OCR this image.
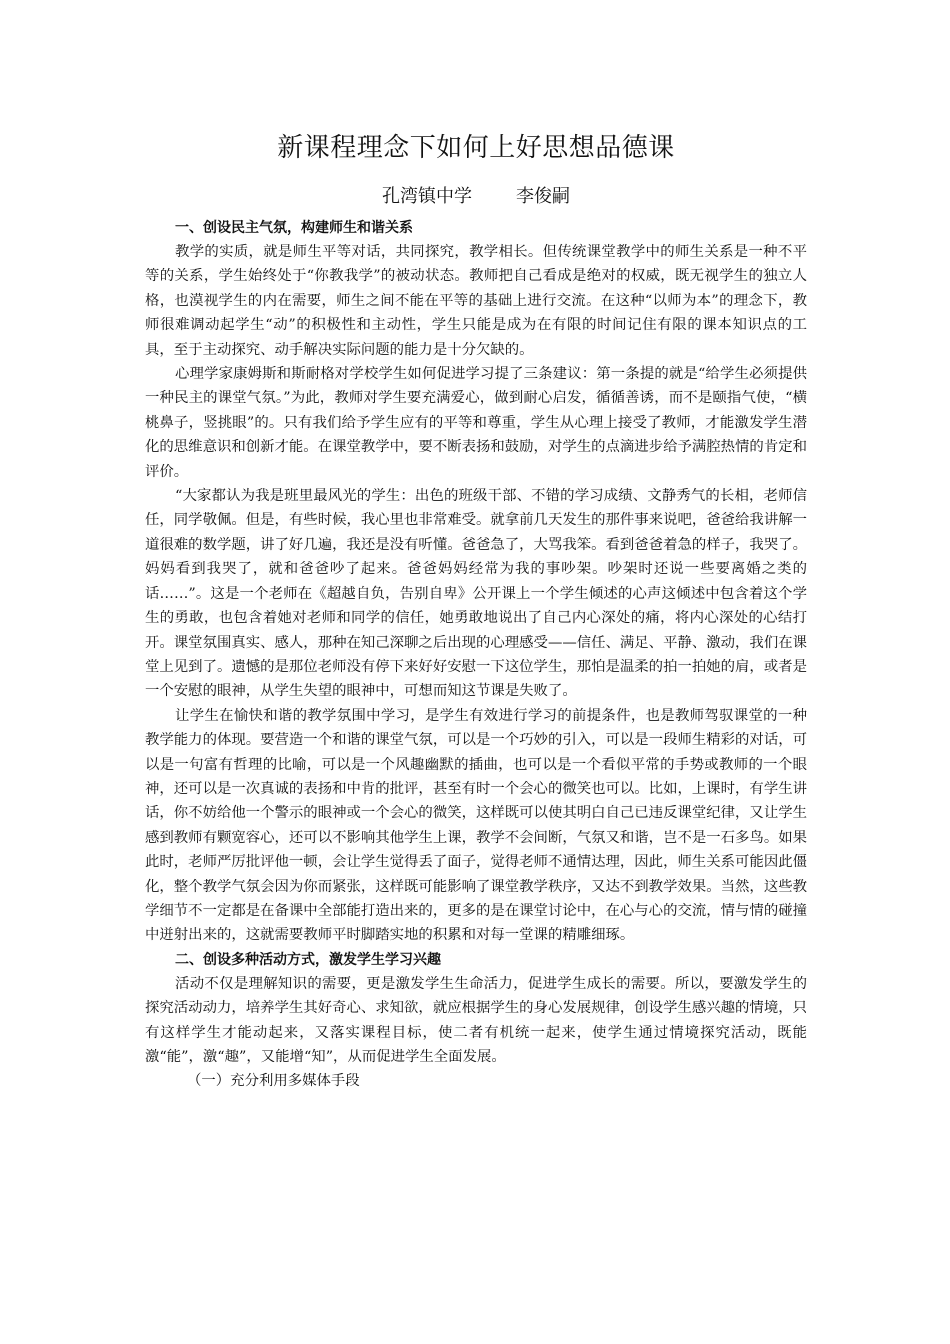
新课程理念下如何上好思想品德课
孔湾镇中学 李俊嗣
一、创设民主气氛，构建师生和谐关系

教学的实质，就是师生平等对话，共同探究，教学相长。但传统课堂教学中的师生关系是一种不平等的关系，学生始终处于“你教我学”的被动状态。教师把自己看成是绝对的权威，既无视学生的独立人格，也漠视学生的内在需要，师生之间不能在平等的基础上进行交流。在这种“以师为本”的理念下，教师很难调动起学生“动”的积极性和主动性，学生只能是成为在有限的时间记住有限的课本知识点的工具，至于主动探究、动手解决实际问题的能力是十分欠缺的。

心理学家康姆斯和斯耐格对学校学生如何促进学习提了三条建议：第一条提的就是“给学生必须提供一种民主的课堂气氛。”为此，教师对学生要充满爱心，做到耐心启发，循循善诱，而不是颐指气使，“横桃鼻子，竖挑眼”的。只有我们给予学生应有的平等和尊重，学生从心理上接受了教师，才能激发学生潜化的思维意识和创新才能。在课堂教学中，要不断表扬和鼓励，对学生的点滴进步给予满腔热情的肯定和评价。

“大家都认为我是班里最风光的学生：出色的班级干部、不错的学习成绩、文静秀气的长相，老师信任，同学敬佩。但是，有些时候，我心里也非常难受。就拿前几天发生的那件事来说吧，爸爸给我讲解一道很难的数学题，讲了好几遍，我还是没有听懂。爸爸急了，大骂我笨。看到爸爸着急的样子，我哭了。妈妈看到我哭了，就和爸爸吵了起来。爸爸妈妈经常为我的事吵架。吵架时还说一些要离婚之类的话……”。这是一个老师在《超越自负，告别自卑》公开课上一个学生倾述的心声这倾述中包含着这个学生的勇敢，也包含着她对老师和同学的信任，她勇敢地说出了自己内心深处的痛，将内心深处的心结打开。课堂氛围真实、感人，那种在知己深聊之后出现的心理感受——信任、满足、平静、激动，我们在课堂上见到了。遗憾的是那位老师没有停下来好好安慰一下这位学生，那怕是温柔的拍一拍她的肩，或者是一个安慰的眼神，从学生失望的眼神中，可想而知这节课是失败了。

让学生在愉快和谐的教学氛围中学习，是学生有效进行学习的前提条件，也是教师驾驭课堂的一种教学能力的体现。要营造一个和谐的课堂气氛，可以是一个巧妙的引入，可以是一段师生精彩的对话，可以是一句富有哲理的比喻，可以是一个风趣幽默的插曲，也可以是一个看似平常的手势或教师的一个眼神，还可以是一次真诚的表扬和中肯的批评，甚至有时一个会心的微笑也可以。比如，上课时，有学生讲话，你不妨给他一个警示的眼神或一个会心的微笑，这样既可以使其明白自己已违反课堂纪律，又让学生感到教师有颗宽容心，还可以不影响其他学生上课，教学不会间断，气氛又和谐，岂不是一石多鸟。如果此时，老师严厉批评他一顿，会让学生觉得丢了面子，觉得老师不通情达理，因此，师生关系可能因此僵化，整个教学气氛会因为你而紧张，这样既可能影响了课堂教学秩序，又达不到教学效果。当然，这些教学细节不一定都是在备课中全部能打造出来的，更多的是在课堂讨论中，在心与心的交流，情与情的碰撞中迸射出来的，这就需要教师平时脚踏实地的积累和对每一堂课的精雕细琢。

二、创设多种活动方式，激发学生学习兴趣

活动不仅是理解知识的需要，更是激发学生生命活力，促进学生成长的需要。所以，要激发学生的探究活动动力，培养学生其好奇心、求知欲，就应根据学生的身心发展规律，创设学生感兴趣的情境，只有这样学生才能动起来，又落实课程目标，使二者有机统一起来，使学生通过情境探究活动，既能激“能”，激“趣”，又能增“知”，从而促进学生全面发展。

（一）充分利用多媒体手段
